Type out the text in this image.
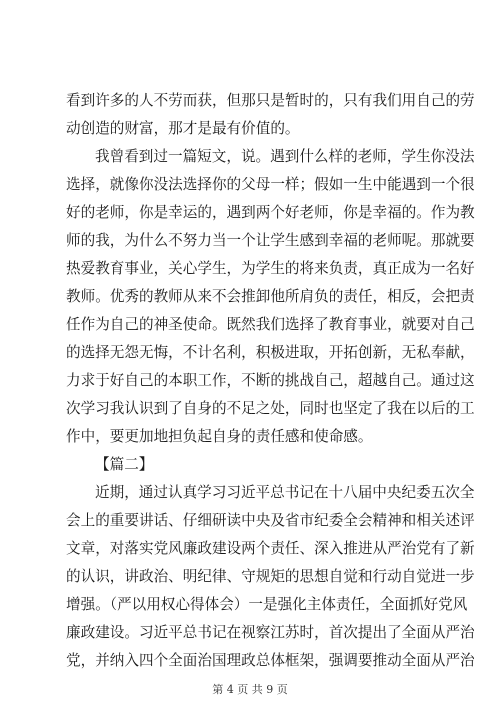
看到许多的人不劳而获，但那只是暂时的，只有我们用自己的劳
动创造的财富，那才是最有价值的。
我曾看到过一篇短文，说。遇到什么样的老师，学生你没法
选择，就像你没法选择你的父母一样；假如一生中能遇到一个很
好的老师，你是幸运的，遇到两个好老师，你是幸福的。作为教
师的我，为什么不努力当一个让学生感到幸福的老师呢。那就要
热爱教育事业，关心学生，为学生的将来负责，真正成为一名好
教师。优秀的教师从来不会推卸他所肩负的责任，相反，会把责
任作为自己的神圣使命。既然我们选择了教育事业，就要对自己
的选择无怨无悔，不计名利，积极进取，开拓创新，无私奉献，
力求于好自己的本职工作，不断的挑战自己，超越自己。通过这
次学习我认识到了自身的不足之处，同时也坚定了我在以后的工
作中，要更加地担负起自身的责任感和使命感。
【篇二】
近期，通过认真学习习近平总书记在十八届中央纪委五次全
会上的重要讲话、仔细研读中央及省市纪委全会精神和相关述评
文章，对落实党风廉政建设两个责任、深入推进从严治党有了新
的认识，讲政治、明纪律、守规矩的思想自觉和行动自觉进一步
增强。（严以用权心得体会）一是强化主体责任，全面抓好党风
廉政建设。习近平总书记在视察江苏时，首次提出了全面从严治
党，并纳入四个全面治国理政总体框架，强调要推动全面从严治
第 4 页 共 9 页
